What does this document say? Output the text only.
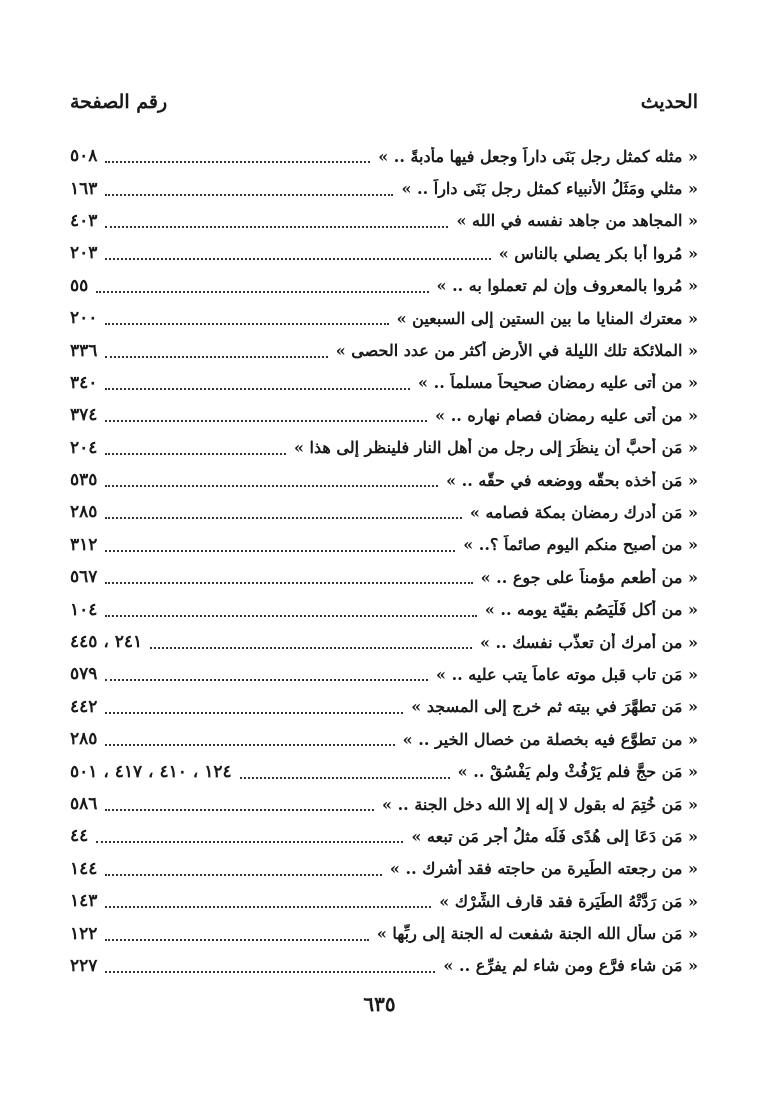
الحديث
رقم الصفحة
« مثله كمثل رجل بَنَى داراً وجعل فيها مأدبةً .. »
٥٠٨
« مثلي ومَثَلُ الأنبياء كمثل رجل بَنَى داراً .. »
١٦٣
« المجاهد من جاهد نفسه في الله »
٤٠٣
« مُروا أبا بكر يصلي بالناس »
٢٠٣
« مُروا بالمعروف وإن لم تعملوا به .. »
٥٥
« معترك المنايا ما بين الستين إلى السبعين »
٢٠٠
« الملائكة تلك الليلة في الأرض أكثر من عدد الحصى »
٣٣٦
« من أتى عليه رمضان صحيحاً مسلماً .. »
٣٤٠
« من أتى عليه رمضان فصام نهاره .. »
٣٧٤
« مَن أحبَّ أن ينظُرَ إلى رجل من أهل النار فلينظر إلى هذا »
٢٠٤
« مَن أخذه بحقّه ووضعه في حقّه .. »
٥٣٥
« مَن أدرك رمضان بمكة فصامه »
٢٨٥
« من أصبح منكم اليوم صائماً ؟.. »
٣١٢
« من أطعم مؤمناً على جوع .. »
٥٦٧
« من أكل فَلْيَصُم بقيّة يومه .. »
١٠٤
« من أمرك أن تعذّب نفسك .. »
٢٤١ ، ٤٤٥
« مَن تاب قبل موته عاماً يتب عليه .. »
٥٧٩
« مَن تطهَّرَ في بيته ثم خرج إلى المسجد »
٤٤٢
« من تطوَّع فيه بخصلة من خصال الخير .. »
٢٨٥
« مَن حجَّ فلم يَرْفُثْ ولم يَفْسُقْ .. »
١٢٤ ، ٤١٠ ، ٤١٧ ، ٥٠١
« مَن خُتِمَ له بقول لا إله إلا الله دخل الجنة .. »
٥٨٦
« مَن دَعَا إلى هُدًى فَلَه مثلُ أجرِ مَن تبعه »
٤٤
« من رجعته الطِّيرة من حاجته فقد أشرك .. »
١٤٤
« مَن رَدَّتْهُ الطِّيَرة فقد قارف الشِّرْك »
١٤٣
« مَن سأل الله الجنة شفعت له الجنة إلى ربِّها »
١٢٢
« مَن شاء فرَّع ومن شاء لم يفرِّع .. »
٢٢٧
٦٣٥
